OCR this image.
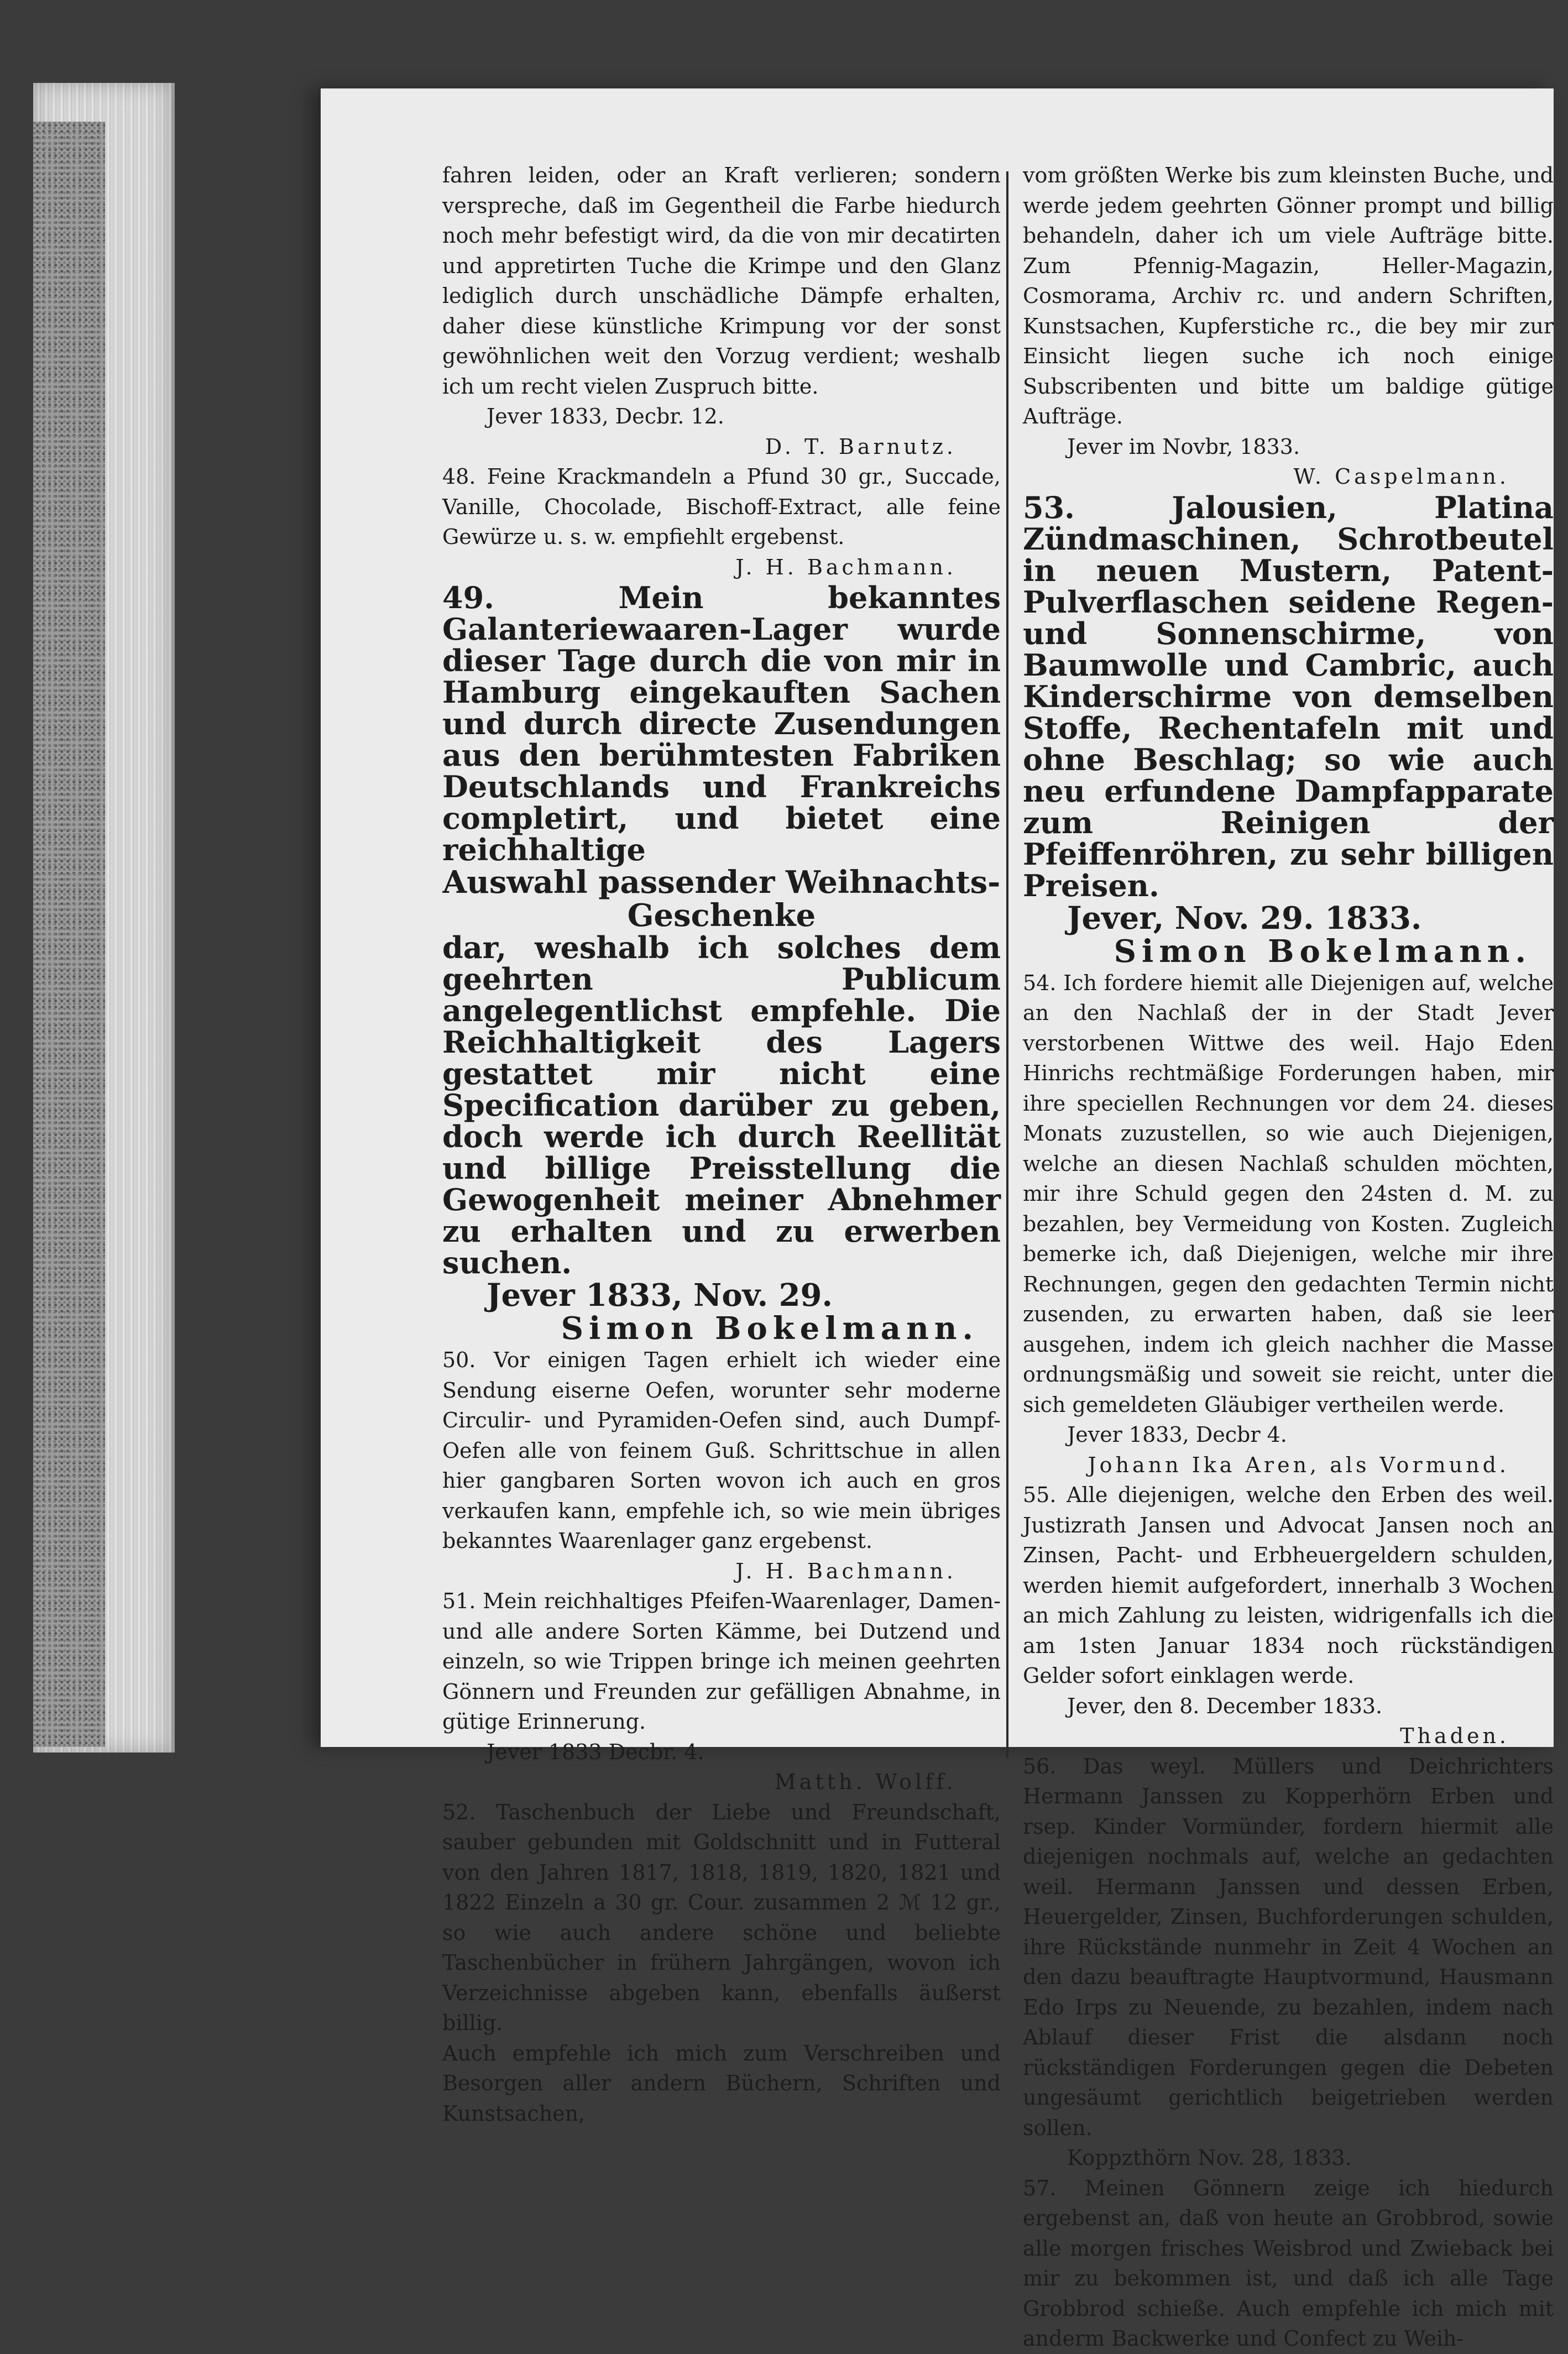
fahren leiden, oder an Kraft verlieren; sondern verspreche, daß im Gegentheil die Farbe hiedurch noch mehr befestigt wird, da die von mir decatirten und appretirten Tuche die Krimpe und den Glanz lediglich durch unschädliche Dämpfe erhalten, daher diese künstliche Krimpung vor der sonst gewöhnlichen weit den Vorzug verdient; weshalb ich um recht vielen Zuspruch bitte.

Jever 1833, Decbr. 12.

D. T. Barnutz.

48. Feine Krackmandeln a Pfund 30 gr., Succade, Vanille, Chocolade, Bischoff-Extract, alle feine Gewürze u. s. w. empfiehlt ergebenst.

J. H. Bachmann.

49. Mein bekanntes Galanteriewaaren-Lager wurde dieser Tage durch die von mir in Hamburg eingekauften Sachen und durch directe Zusendungen aus den berühmtesten Fabriken Deutschlands und Frankreichs completirt, und bietet eine reichhaltige

Auswahl passender Weihnachts-

Geschenke

dar, weshalb ich solches dem geehrten Publicum angelegentlichst empfehle. Die Reichhaltigkeit des Lagers gestattet mir nicht eine Specification darüber zu geben, doch werde ich durch Reellität und billige Preisstellung die Gewogenheit meiner Abnehmer zu erhalten und zu erwerben suchen.

Jever 1833, Nov. 29.

Simon Bokelmann.

50. Vor einigen Tagen erhielt ich wieder eine Sendung eiserne Oefen, worunter sehr moderne Circulir- und Pyramiden-Oefen sind, auch Dumpf-Oefen alle von feinem Guß. Schrittschue in allen hier gangbaren Sorten wovon ich auch en gros verkaufen kann, empfehle ich, so wie mein übriges bekanntes Waarenlager ganz ergebenst.

J. H. Bachmann.

51. Mein reichhaltiges Pfeifen-Waarenlager, Damen- und alle andere Sorten Kämme, bei Dutzend und einzeln, so wie Trippen bringe ich meinen geehrten Gönnern und Freunden zur gefälligen Abnahme, in gütige Erinnerung.

Jever 1833 Decbr. 4.

Matth. Wolff.

52. Taschenbuch der Liebe und Freundschaft, sauber gebunden mit Goldschnitt und in Futteral von den Jahren 1817, 1818, 1819, 1820, 1821 und 1822 Einzeln a 30 gr. Cour. zusammen 2 ℳ 12 gr., so wie auch andere schöne und beliebte Taschenbücher in frühern Jahrgängen, wovon ich Verzeichnisse abgeben kann, ebenfalls äußerst billig.

Auch empfehle ich mich zum Verschreiben und Besorgen aller andern Büchern, Schriften und Kunstsachen,

vom größten Werke bis zum kleinsten Buche, und werde jedem geehrten Gönner prompt und billig behandeln, daher ich um viele Aufträge bitte. Zum Pfennig-Magazin, Heller-Magazin, Cosmorama, Archiv rc. und andern Schriften, Kunstsachen, Kupferstiche rc., die bey mir zur Einsicht liegen suche ich noch einige Subscribenten und bitte um baldige gütige Aufträge.

Jever im Novbr, 1833.

W. Caspelmann.

53. Jalousien, Platina Zündmaschinen, Schrotbeutel in neuen Mustern, Patent-Pulverflaschen seidene Regen- und Sonnenschirme, von Baumwolle und Cambric, auch Kinderschirme von demselben Stoffe, Rechentafeln mit und ohne Beschlag; so wie auch neu erfundene Dampfapparate zum Reinigen der Pfeiffenröhren, zu sehr billigen Preisen.

Jever, Nov. 29. 1833.

Simon Bokelmann.

54. Ich fordere hiemit alle Diejenigen auf, welche an den Nachlaß der in der Stadt Jever verstorbenen Wittwe des weil. Hajo Eden Hinrichs rechtmäßige Forderungen haben, mir ihre speciellen Rechnungen vor dem 24. dieses Monats zuzustellen, so wie auch Diejenigen, welche an diesen Nachlaß schulden möchten, mir ihre Schuld gegen den 24sten d. M. zu bezahlen, bey Vermeidung von Kosten. Zugleich bemerke ich, daß Diejenigen, welche mir ihre Rechnungen, gegen den gedachten Termin nicht zusenden, zu erwarten haben, daß sie leer ausgehen, indem ich gleich nachher die Masse ordnungsmäßig und soweit sie reicht, unter die sich gemeldeten Gläubiger vertheilen werde.

Jever 1833, Decbr 4.

Johann Ika Aren, als Vormund.

55. Alle diejenigen, welche den Erben des weil. Justizrath Jansen und Advocat Jansen noch an Zinsen, Pacht- und Erbheuergeldern schulden, werden hiemit aufgefordert, innerhalb 3 Wochen an mich Zahlung zu leisten, widrigenfalls ich die am 1sten Januar 1834 noch rückständigen Gelder sofort einklagen werde.

Jever, den 8. December 1833.

Thaden.

56. Das weyl. Müllers und Deichrichters Hermann Janssen zu Kopperhörn Erben und rsep. Kinder Vormünder, fordern hiermit alle diejenigen nochmals auf, welche an gedachten weil. Hermann Janssen und dessen Erben, Heuergelder, Zinsen, Buchforderungen schulden, ihre Rückstände nunmehr in Zeit 4 Wochen an den dazu beauftragte Hauptvormund, Hausmann Edo Irps zu Neuende, zu bezahlen, indem nach Ablauf dieser Frist die alsdann noch rückständigen Forderungen gegen die Debeten ungesäumt gerichtlich beigetrieben werden sollen.

Koppzthörn Nov. 28, 1833.

57. Meinen Gönnern zeige ich hiedurch ergebenst an, daß von heute an Grobbrod, sowie alle morgen frisches Weisbrod und Zwieback bei mir zu bekommen ist, und daß ich alle Tage Grobbrod schieße. Auch empfehle ich mich mit anderm Backwerke und Confect zu Weih-
